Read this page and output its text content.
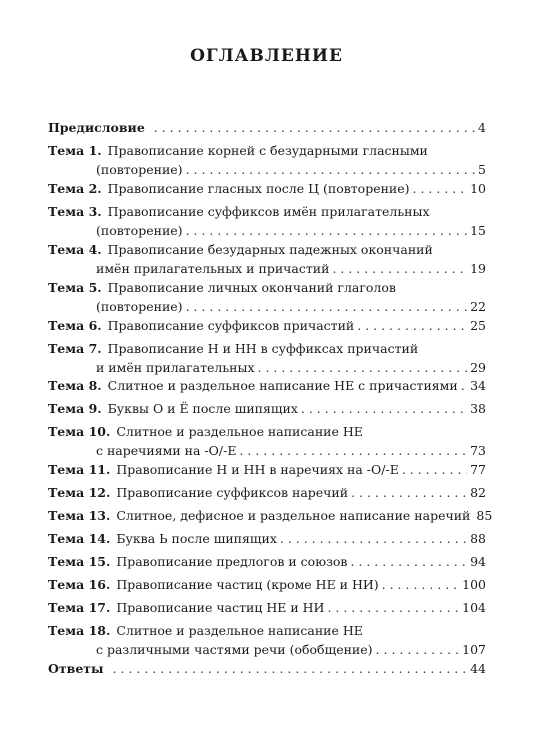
ОГЛАВЛЕНИЕ
Предисловие . . .	4
Тема 1. Правописание корней с безударными гласными
(повторение) . . .	5
Тема 2. Правописание гласных после Ц (повторение) . . .	10
Тема 3. Правописание суффиксов имён прилагательных
(повторение) . . .	15
Тема 4. Правописание безударных падежных окончаний
имён прилагательных и причастий . . .	19
Тема 5. Правописание личных окончаний глаголов
(повторение) . . .	22
Тема 6. Правописание суффиксов причастий . . .	25
Тема 7. Правописание Н и НН в суффиксах причастий
и имён прилагательных . . .	29
Тема 8. Слитное и раздельное написание НЕ с причастиями . . . 34
Тема 9. Буквы О и Ё после шипящих . . .	38
Тема 10. Слитное и раздельное написание НЕ
с наречиями на -О/-Е . . .	73
Тема 11. Правописание Н и НН в наречиях на -О/-Е . . .	77
Тема 12. Правописание суффиксов наречий . . .	82
Тема 13. Слитное, дефисное и раздельное написание наречий 85
Тема 14. Буква Ь после шипящих . . .	88
Тема 15. Правописание предлогов и союзов . . .	94
Тема 16. Правописание частиц (кроме НЕ и НИ) . . .	100
Тема 17. Правописание частиц НЕ и НИ . . .	104
Тема 18. Слитное и раздельное написание НЕ
с различными частями речи (обобщение) . . .	107
Ответы . . .	44
